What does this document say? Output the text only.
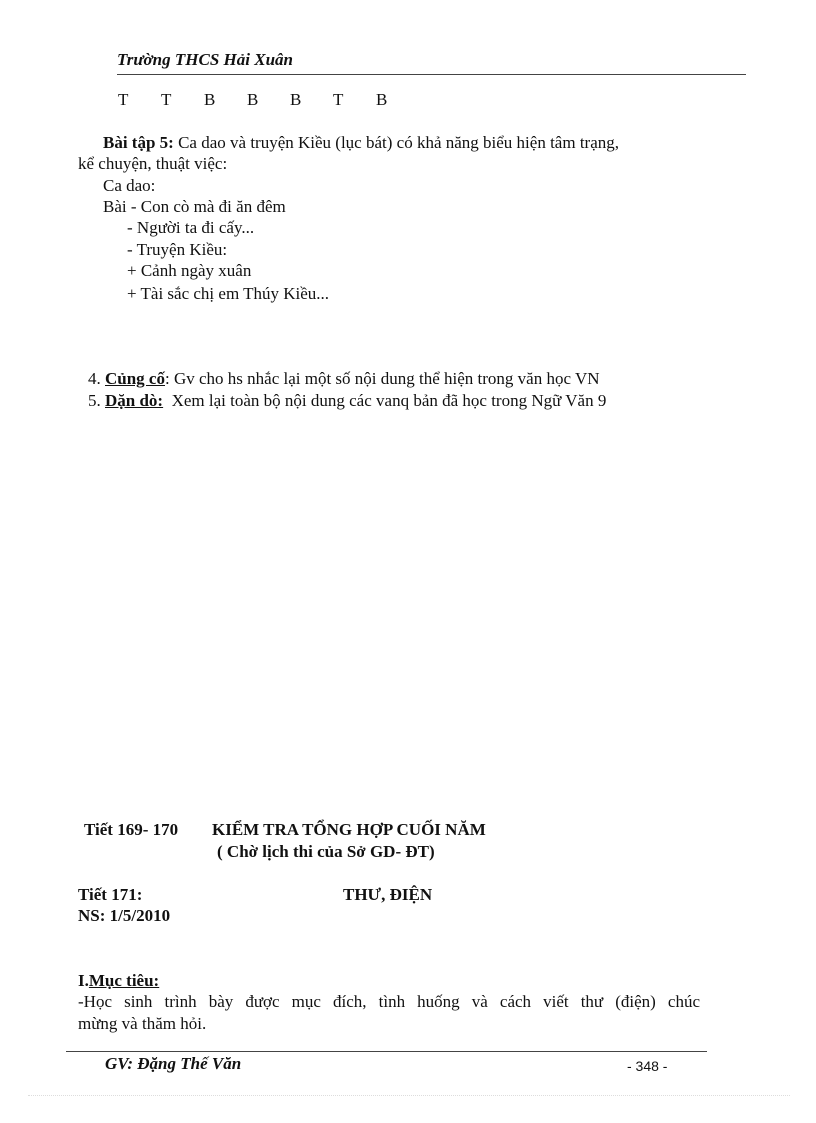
Trường THCS Hải Xuân
T	T	B	B	B	T	B
Bài tập 5: Ca dao và truyện Kiều (lục bát) có khả năng biểu hiện tâm trạng,
kể chuyện, thuật việc:
Ca dao:
Bài - Con cò mà đi ăn đêm
- Người ta đi cấy...
- Truyện Kiều:
+ Cảnh ngày xuân
+ Tài sắc chị em Thúy Kiều...
4. Củng cố: Gv cho hs nhắc lại một số nội dung thể hiện trong văn học VN
5. Dặn dò:  Xem lại toàn bộ nội dung các vanq bản đã học trong Ngữ Văn 9
Tiết 169- 170 KIỂM TRA TỔNG HỢP CUỐI NĂM
( Chờ lịch thi của Sở GD- ĐT)
Tiết 171:	THƯ, ĐIỆN
NS: 1/5/2010
I.Mục tiêu:
-Học sinh trình bày được mục đích, tình huống và cách viết thư (điện) chúc
mừng và thăm hỏi.
GV: Đặng Thế Văn	- 348 -
